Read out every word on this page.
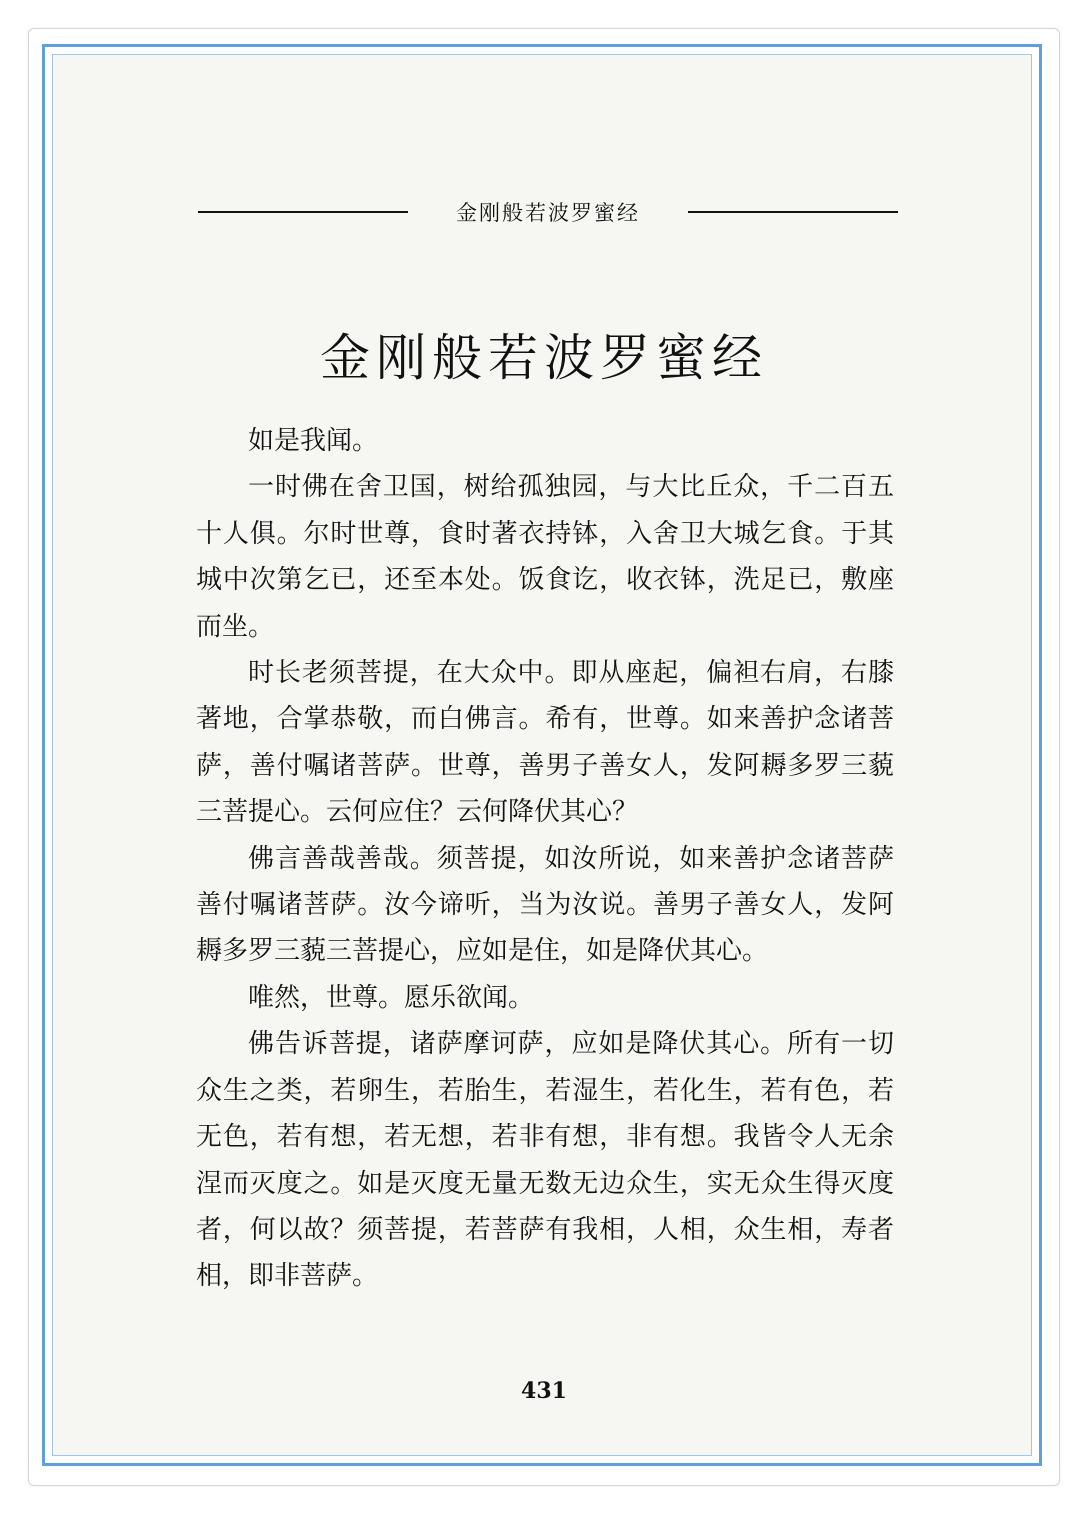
金刚般若波罗蜜经
金刚般若波罗蜜经

如是我闻。

一时佛在舍卫国，树给孤独园，与大比丘众，千二百五十人俱。尔时世尊，食时著衣持钵，入舍卫大城乞食。于其城中次第乞已，还至本处。饭食讫，收衣钵，洗足已，敷座而坐。

时长老须菩提，在大众中。即从座起，偏袒右肩，右膝著地，合掌恭敬，而白佛言。希有，世尊。如来善护念诸菩萨，善付嘱诸菩萨。世尊，善男子善女人，发阿耨多罗三藐三菩提心。云何应住？云何降伏其心？

佛言善哉善哉。须菩提，如汝所说，如来善护念诸菩萨善付嘱诸菩萨。汝今谛听，当为汝说。善男子善女人，发阿耨多罗三藐三菩提心，应如是住，如是降伏其心。

唯然，世尊。愿乐欲闻。

佛告诉菩提，诸萨摩诃萨，应如是降伏其心。所有一切众生之类，若卵生，若胎生，若湿生，若化生，若有色，若无色，若有想，若无想，若非有想，非有想。我皆令人无余涅而灭度之。如是灭度无量无数无边众生，实无众生得灭度者，何以故？须菩提，若菩萨有我相，人相，众生相，寿者相，即非菩萨。

431
